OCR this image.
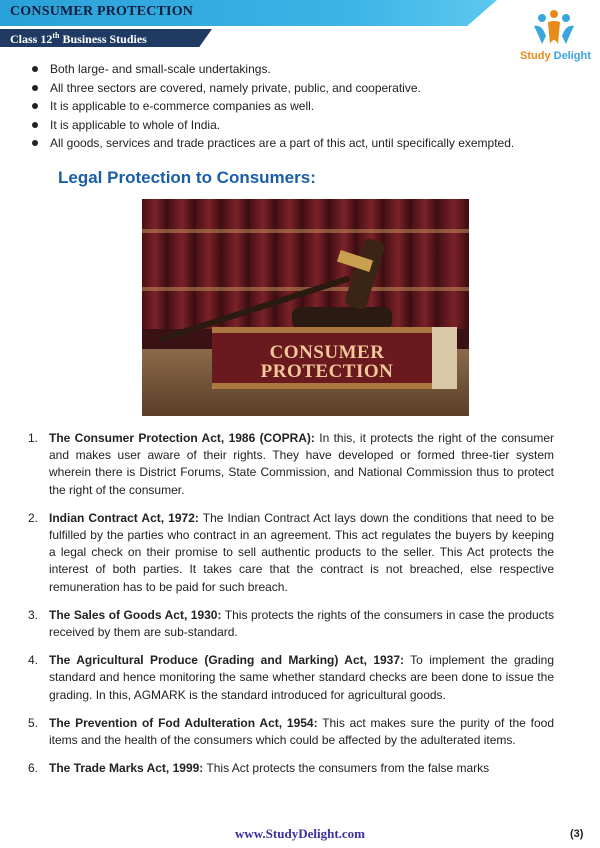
CONSUMER PROTECTION
Class 12th Business Studies
Study Delight
Both large- and small-scale undertakings.
All three sectors are covered, namely private, public, and cooperative.
It is applicable to e-commerce companies as well.
It is applicable to whole of India.
All goods, services and trade practices are a part of this act, until specifically exempted.
Legal Protection to Consumers:
CONSUMER
PROTECTION
1. The Consumer Protection Act, 1986 (COPRA): In this, it protects the right of the consumer and makes user aware of their rights. They have developed or formed three-tier system wherein there is District Forums, State Commission, and National Commission thus to protect the right of the consumer.
2. Indian Contract Act, 1972: The Indian Contract Act lays down the conditions that need to be fulfilled by the parties who contract in an agreement. This act regulates the buyers by keeping a legal check on their promise to sell authentic products to the seller. This Act protects the interest of both parties. It takes care that the contract is not breached, else respective remuneration has to be paid for such breach.
3. The Sales of Goods Act, 1930: This protects the rights of the consumers in case the products received by them are sub-standard.
4. The Agricultural Produce (Grading and Marking) Act, 1937: To implement the grading standard and hence monitoring the same whether standard checks are been done to issue the grading. In this, AGMARK is the standard introduced for agricultural goods.
5. The Prevention of Fod Adulteration Act, 1954: This act makes sure the purity of the food items and the health of the consumers which could be affected by the adulterated items.
6. The Trade Marks Act, 1999: This Act protects the consumers from the false marks
www.StudyDelight.com	(3)
